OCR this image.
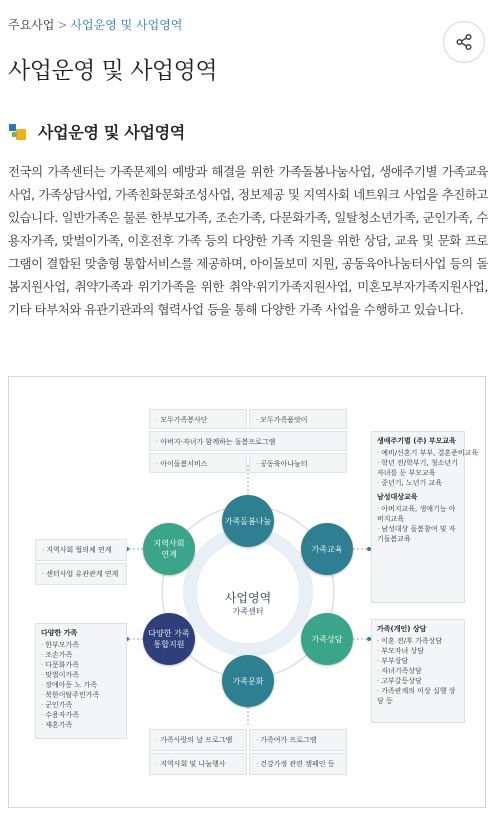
주요사업 > 사업운영 및 사업영역
사업운영 및 사업영역
사업운영 및 사업영역

전국의 가족센터는 가족문제의 예방과 해결을 위한 가족돌봄나눔사업, 생애주기별 가족교육사업, 가족상담사업, 가족친화문화조성사업, 정보제공 및 지역사회 네트워크 사업을 추진하고 있습니다. 일반가족은 물론 한부모가족, 조손가족, 다문화가족, 일탈청소년가족, 군인가족, 수용자가족, 맞벌이가족, 이혼전후 가족 등의 다양한 가족 지원을 위한 상담, 교육 및 문화 프로그램이 결합된 맞춤형 통합서비스를 제공하며, 아이돌보미 지원, 공동육아나눔터사업 등의 돌봄지원사업, 취약가족과 위기가족을 위한 취약·위기가족지원사업, 미혼모부자가족지원사업, 기타 타부처와 유관기관과의 협력사업 등을 통해 다양한 가족 사업을 수행하고 있습니다.

· 모두가족봉사단	· 모두가족품앗이
· 아버지-자녀가 함께하는 돌봄프로그램
· 아이돌봄서비스	· 공동육아나눔터
생애주기별 (주) 부모교육
· 예비/신혼기 부부, 결혼준비교육
· 학년 전/학부기, 청소년기 자녀를 둔 부모교육
· 중년기, 노년기 교육
남성대상교육
· 아버지교육, 생애기능 아버지교육
· 남성대상 돌봄참여 및 자기돌봄교육
가족(개인) 상담
· 이혼 전/후 가족상담
· 부모자녀 상담
· 부부상담
· 자녀기족상담
· 고부갈등상담
· 가족관계의 이상 실행 상담 등
· 지역사회 협의체 연계
· 센터사업 유관관계 연계
다양한 가족
· 한부모가족
· 조손가족
· 다문화가족
· 맞벌이가족
· 장애아동 노 가족
· 북한이탈주민가족
· 군인가족
· 수용자가족
· 재혼가족
· 가족사랑의 날 프로그램	· 가족여가 프로그램
· 지역사회 및 나눔행사	· 건강가정 관련 캠페인 등
가족돌봄나눔
가족교육
가족상담
가족문화
다양한 가족 통합지원
지역사회 연계
사업영역
가족센터
